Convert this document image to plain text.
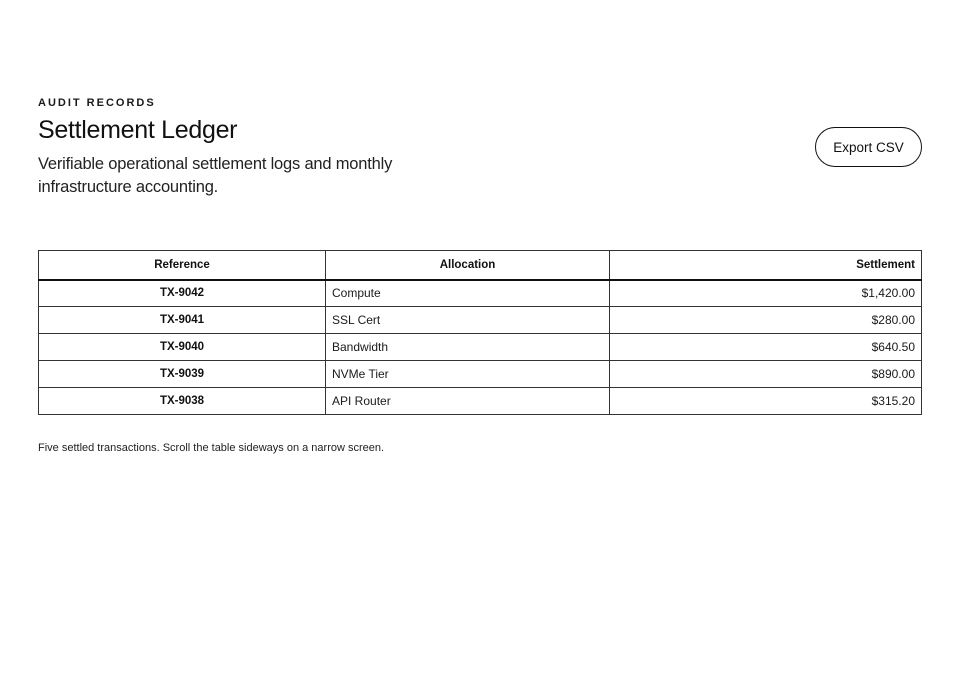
AUDIT RECORDS
Settlement Ledger

Verifiable operational settlement logs and monthly infrastructure accounting.

Export CSV
Reference	Allocation	Settlement
TX-9042	Compute	$1,420.00
TX-9041	SSL Cert	$280.00
TX-9040	Bandwidth	$640.50
TX-9039	NVMe Tier	$890.00
TX-9038	API Router	$315.20

Five settled transactions. Scroll the table sideways on a narrow screen.
